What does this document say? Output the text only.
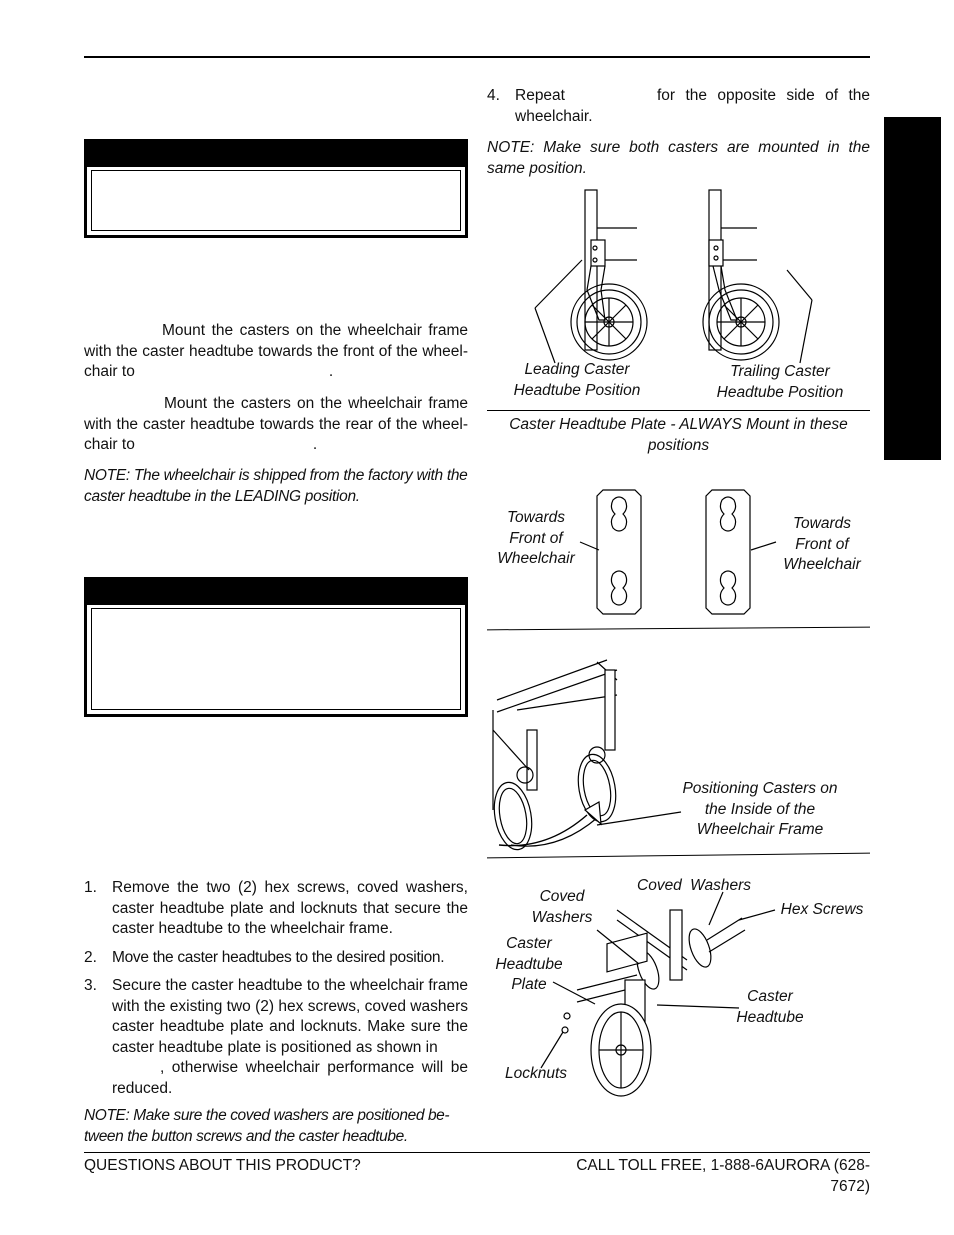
Mount the casters on the wheelchair frame with the caster headtube towards the front of the wheel- chair to	.
Mount the casters on the wheelchair frame with the caster headtube towards the rear of the wheel- chair to	.
NOTE: The wheelchair is shipped from the factory with the caster headtube in the LEADING position.
1. Remove the two (2) hex screws, coved washers, caster headtube plate and locknuts that secure the caster headtube to the wheelchair frame.
2. Move the caster headtubes to the desired position.
3. Secure the caster headtube to the wheelchair frame with the existing two (2) hex screws, coved washers caster headtube plate and locknuts. Make sure the caster headtube plate is positioned as shown in
, otherwise wheelchair performance will be reduced.
NOTE: Make sure the coved washers are positioned be- tween the button screws and the caster headtube.
4. Repeat	for the opposite side of the wheelchair.
NOTE: Make sure both casters are mounted in the same position.
Leading Caster Headtube Position
Trailing Caster Headtube Position
Caster Headtube Plate - ALWAYS Mount in these positions
Towards Front of Wheelchair
Towards Front of Wheelchair
Positioning Casters on the Inside of the Wheelchair Frame
Coved Washers
Coved Washers
Hex Screws
Caster Headtube Plate
Caster Headtube
Locknuts
QUESTIONS ABOUT THIS PRODUCT?	CALL TOLL FREE, 1-888-6AURORA (628-7672)
